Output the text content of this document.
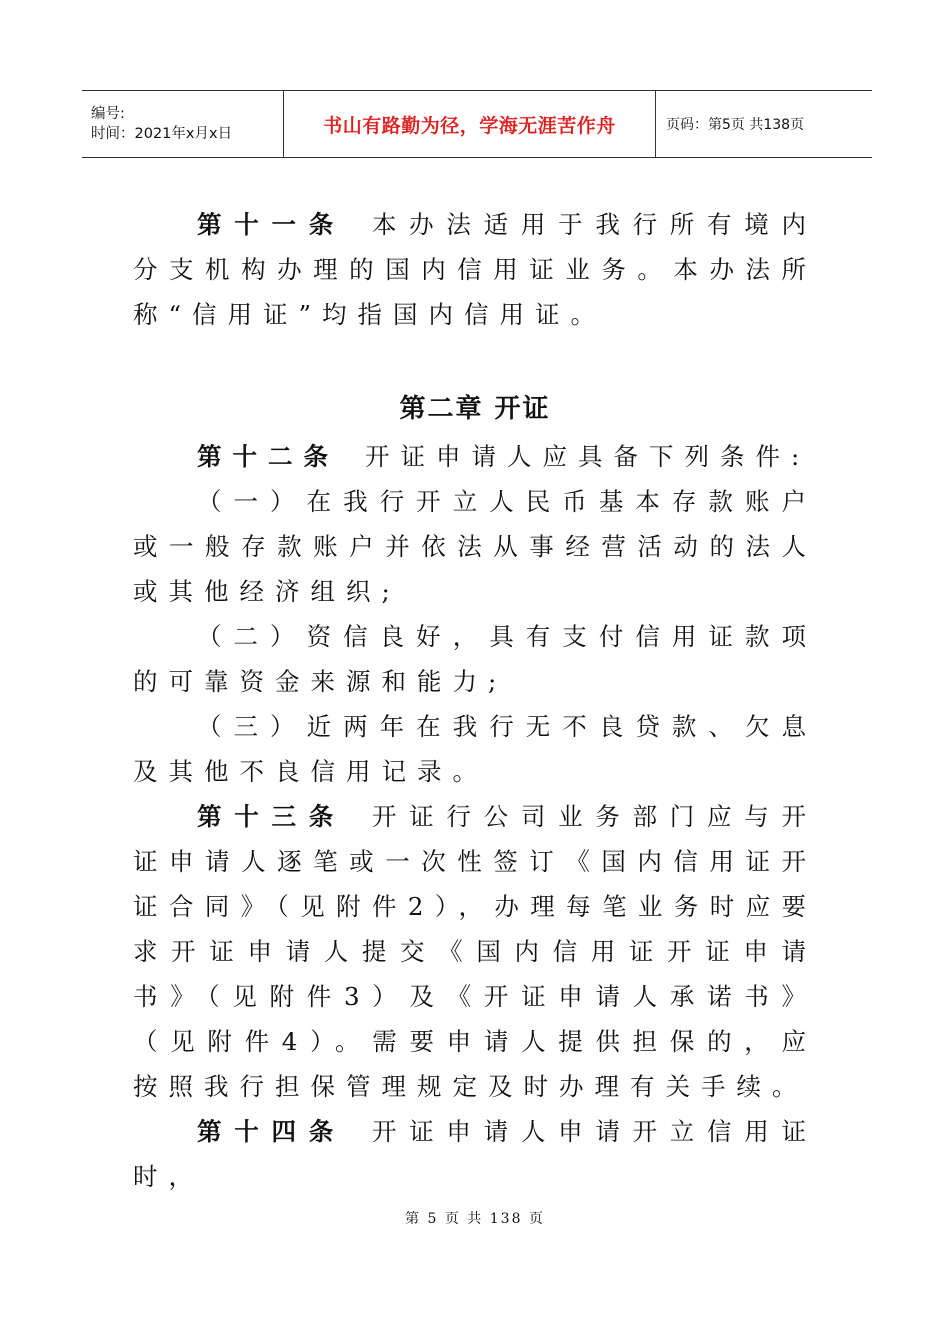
编号:
时间：2021年x月x日	书山有路勤为径，学海无涯苦作舟	页码：第5页 共138页

第十一条 本办法适用于我行所有境内分支机构办理的国内信用证业务。本办法所称“信用证”均指国内信用证。

第二章 开证

第十二条 开证申请人应具备下列条件:

（一）在我行开立人民币基本存款账户或一般存款账户并依法从事经营活动的法人或其他经济组织;

（二）资信良好，具有支付信用证款项的可靠资金来源和能力;

（三）近两年在我行无不良贷款、欠息及其他不良信用记录。

第十三条 开证行公司业务部门应与开证申请人逐笔或一次性签订《国内信用证开证合同》（见附件2），办理每笔业务时应要求开证申请人提交《国内信用证开证申请书》（见附件3）及《开证申请人承诺书》（见附件4）。需要申请人提供担保的，应按照我行担保管理规定及时办理有关手续。

第十四条 开证申请人申请开立信用证时，

第 5 页 共 138 页
